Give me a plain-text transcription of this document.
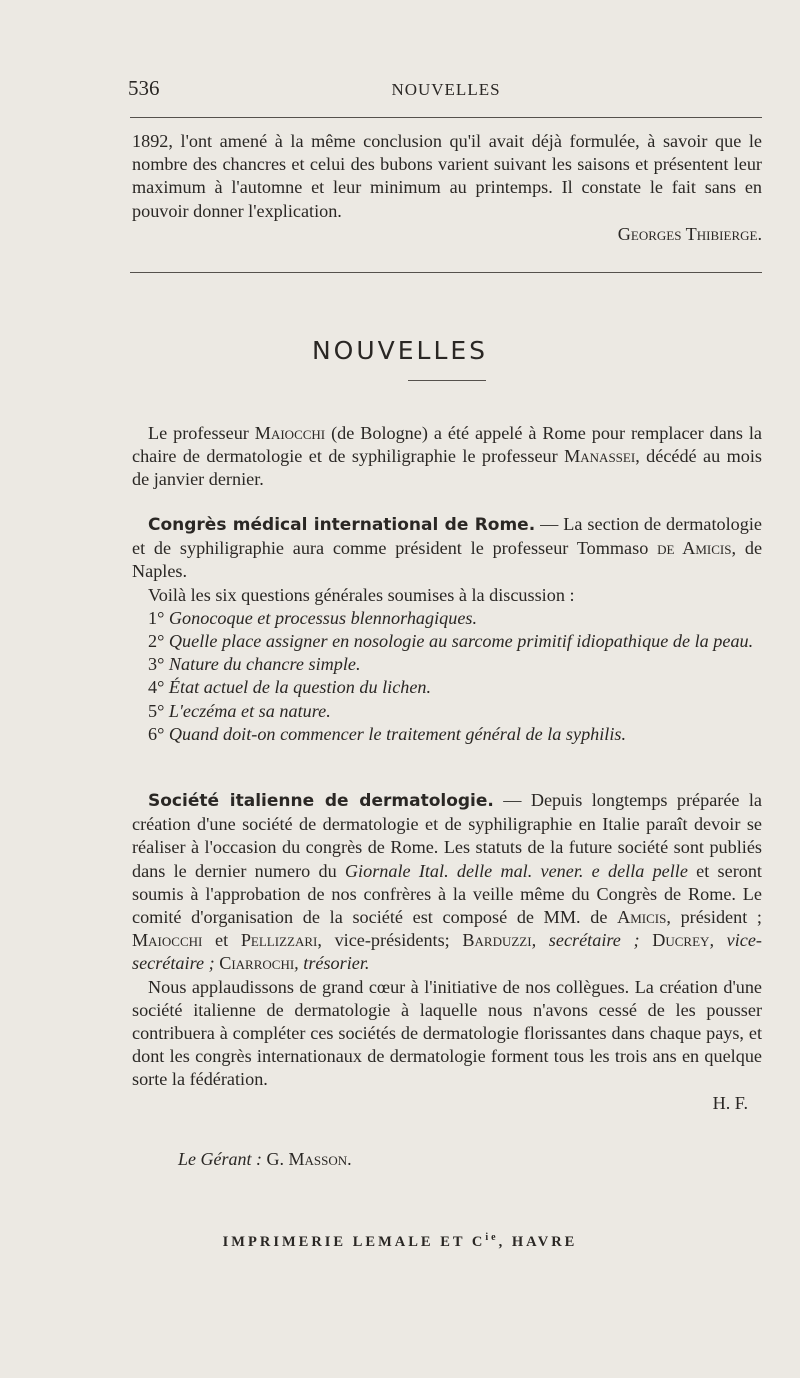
536	NOUVELLES

1892, l'ont amené à la même conclusion qu'il avait déjà formulée, à savoir que le nombre des chancres et celui des bubons varient suivant les saisons et présentent leur maximum à l'automne et leur minimum au printemps. Il constate le fait sans en pouvoir donner l'explication.

Georges Thibierge.

NOUVELLES

Le professeur Maiocchi (de Bologne) a été appelé à Rome pour remplacer dans la chaire de dermatologie et de syphiligraphie le professeur Manassei, décédé au mois de janvier dernier.

Congrès médical international de Rome. — La section de dermatologie et de syphiligraphie aura comme président le professeur Tommaso de Amicis, de Naples.

Voilà les six questions générales soumises à la discussion :

1° Gonocoque et processus blennorhagiques.

2° Quelle place assigner en nosologie au sarcome primitif idiopathique de la peau.

3° Nature du chancre simple.

4° État actuel de la question du lichen.

5° L'eczéma et sa nature.

6° Quand doit-on commencer le traitement général de la syphilis.

Société italienne de dermatologie. — Depuis longtemps préparée la création d'une société de dermatologie et de syphiligraphie en Italie paraît devoir se réaliser à l'occasion du congrès de Rome. Les statuts de la future société sont publiés dans le dernier numero du Giornale Ital. delle mal. vener. e della pelle et seront soumis à l'approbation de nos confrères à la veille même du Congrès de Rome. Le comité d'organisation de la société est composé de MM. de Amicis, président ; Maiocchi et Pellizzari, vice-présidents; Barduzzi, secrétaire ; Ducrey, vice-secrétaire ; Ciarrochi, trésorier.

Nous applaudissons de grand cœur à l'initiative de nos collègues. La création d'une société italienne de dermatologie à laquelle nous n'avons cessé de les pousser contribuera à compléter ces sociétés de dermatologie florissantes dans chaque pays, et dont les congrès internationaux de dermatologie forment tous les trois ans en quelque sorte la fédération.

H. F.

Le Gérant : G. Masson.
IMPRIMERIE LEMALE ET $C^{ie}$, HAVRE
